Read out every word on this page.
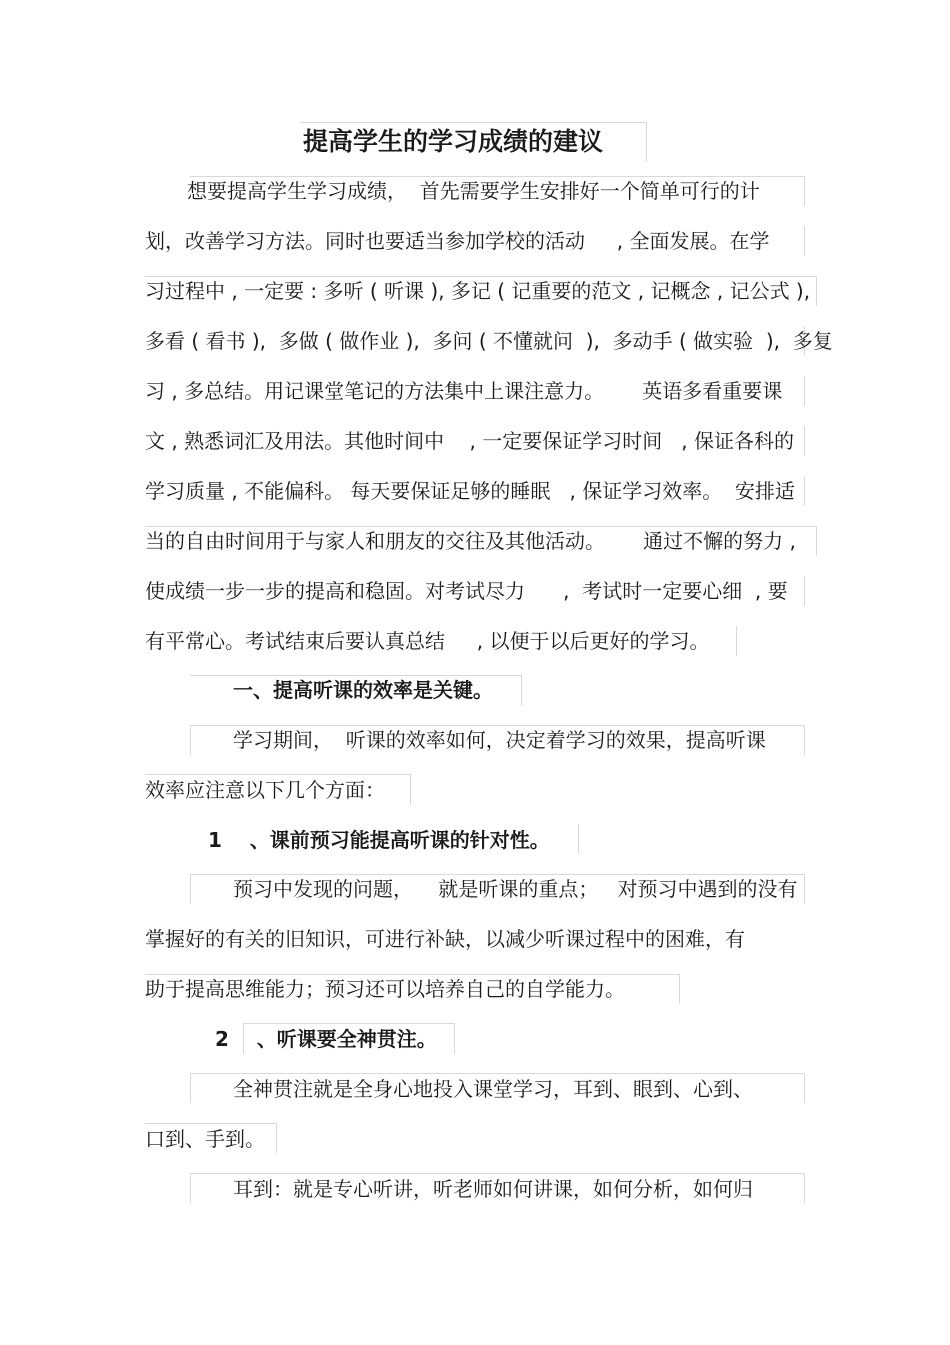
提高学生的学习成绩的建议

想要提高学生学习成绩，  首先需要学生安排好一个简单可行的计

划，改善学习方法。同时也要适当参加学校的活动     , 全面发展。在学

习过程中 , 一定要 : 多听 ( 听课 ), 多记 ( 记重要的范文 , 记概念 , 记公式 ),

多看 ( 看书 ),  多做 ( 做作业 ),  多问 ( 不懂就问  ),  多动手 ( 做实验  ),  多复

习 , 多总结。用记课堂笔记的方法集中上课注意力。      英语多看重要课

文 , 熟悉词汇及用法。其他时间中    , 一定要保证学习时间   , 保证各科的

学习质量 , 不能偏科。 每天要保证足够的睡眠   , 保证学习效率。  安排适

当的自由时间用于与家人和朋友的交往及其他活动。      通过不懈的努力 ,

使成绩一步一步的提高和稳固。对考试尽力      ,  考试时一定要心细  , 要

有平常心。考试结束后要认真总结     , 以便于以后更好的学习。

一、提高听课的效率是关键。

学习期间，  听课的效率如何，决定着学习的效果，提高听课

效率应注意以下几个方面：

1    、课前预习能提高听课的针对性。

预习中发现的问题，    就是听课的重点；   对预习中遇到的没有

掌握好的有关的旧知识，可进行补缺，以减少听课过程中的困难，有

助于提高思维能力；预习还可以培养自己的自学能力。

2    、听课要全神贯注。

全神贯注就是全身心地投入课堂学习，耳到、眼到、心到、

口到、手到。

耳到：就是专心听讲，听老师如何讲课，如何分析，如何归
